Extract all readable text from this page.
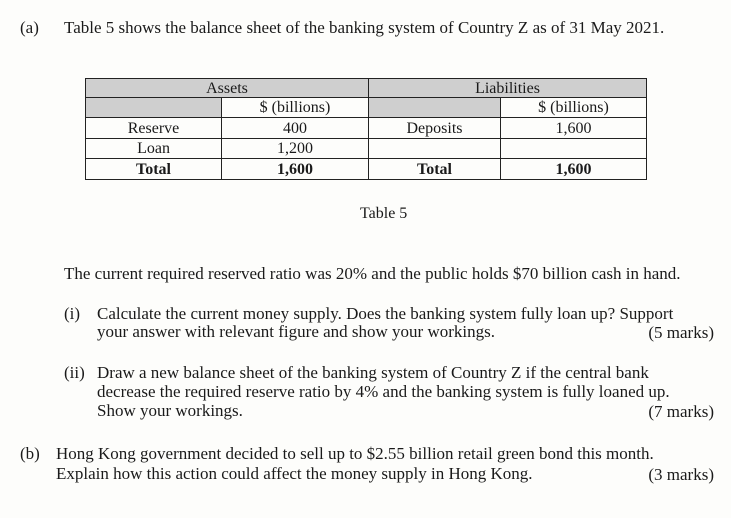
(a) Table 5 shows the balance sheet of the banking system of Country Z as of 31 May 2021.
Assets		Liabilities	
	$ (billions)		$ (billions)
Reserve	400	Deposits	1,600
Loan	1,200		
Total	1,600	Total	1,600
Table 5
The current required reserved ratio was 20% and the public holds $70 billion cash in hand.
(i) Calculate the current money supply. Does the banking system fully loan up? Support
your answer with relevant figure and show your workings.	(5 marks)
(ii) Draw a new balance sheet of the banking system of Country Z if the central bank
decrease the required reserve ratio by 4% and the banking system is fully loaned up.
Show your workings.	(7 marks)
(b) Hong Kong government decided to sell up to $2.55 billion retail green bond this month.
Explain how this action could affect the money supply in Hong Kong.	(3 marks)
